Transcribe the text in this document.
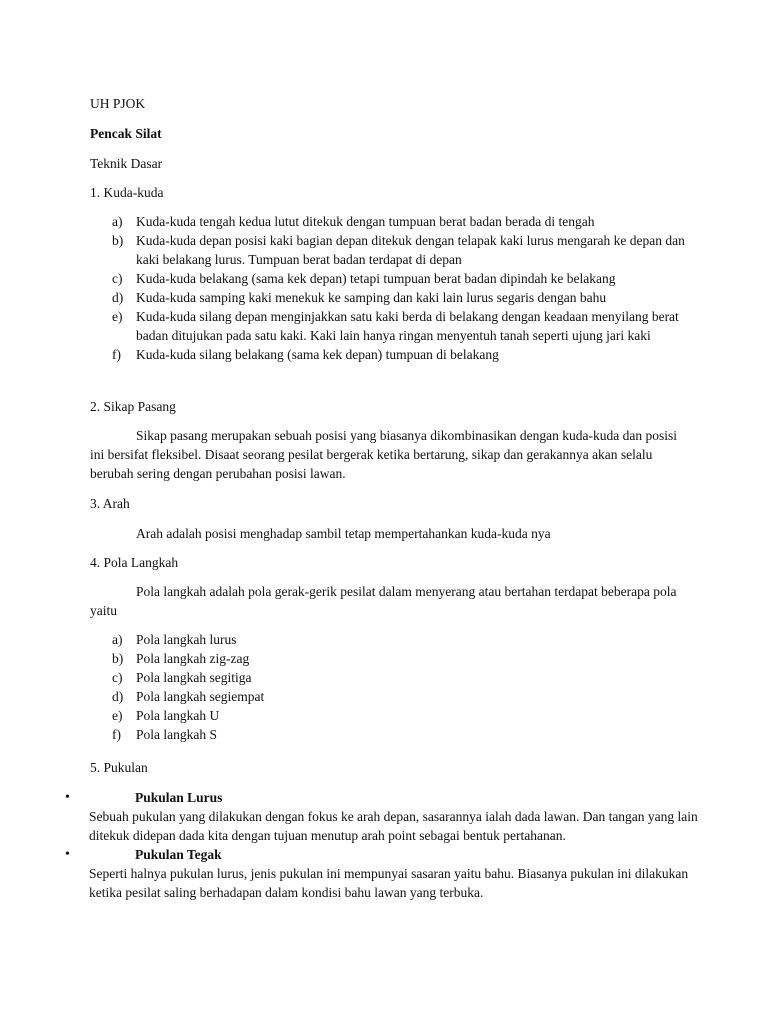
UH PJOK
Pencak Silat
Teknik Dasar
1. Kuda-kuda
a) Kuda-kuda tengah kedua lutut ditekuk dengan tumpuan berat badan berada di tengah
b) Kuda-kuda depan posisi kaki bagian depan ditekuk dengan telapak kaki lurus mengarah ke depan dan kaki belakang lurus. Tumpuan berat badan terdapat di depan
c) Kuda-kuda belakang (sama kek depan) tetapi tumpuan berat badan dipindah ke belakang
d) Kuda-kuda samping kaki menekuk ke samping dan kaki lain lurus segaris dengan bahu
e) Kuda-kuda silang depan menginjakkan satu kaki berda di belakang dengan keadaan menyilang berat badan ditujukan pada satu kaki. Kaki lain hanya ringan menyentuh tanah seperti ujung jari kaki
f) Kuda-kuda silang belakang (sama kek depan) tumpuan di belakang
2. Sikap Pasang
Sikap pasang merupakan sebuah posisi yang biasanya dikombinasikan dengan kuda-kuda dan posisi ini bersifat fleksibel. Disaat seorang pesilat bergerak ketika bertarung, sikap dan gerakannya akan selalu berubah sering dengan perubahan posisi lawan.
3. Arah
Arah adalah posisi menghadap sambil tetap mempertahankan kuda-kuda nya
4. Pola Langkah
Pola langkah adalah pola gerak-gerik pesilat dalam menyerang atau bertahan terdapat beberapa pola yaitu
a) Pola langkah lurus
b) Pola langkah zig-zag
c) Pola langkah segitiga
d) Pola langkah segiempat
e) Pola langkah U
f) Pola langkah S
5. Pukulan
•	Pukulan Lurus
Sebuah pukulan yang dilakukan dengan fokus ke arah depan, sasarannya ialah dada lawan. Dan tangan yang lain ditekuk didepan dada kita dengan tujuan menutup arah point sebagai bentuk pertahanan.
•	Pukulan Tegak
Seperti halnya pukulan lurus, jenis pukulan ini mempunyai sasaran yaitu bahu. Biasanya pukulan ini dilakukan ketika pesilat saling berhadapan dalam kondisi bahu lawan yang terbuka.
